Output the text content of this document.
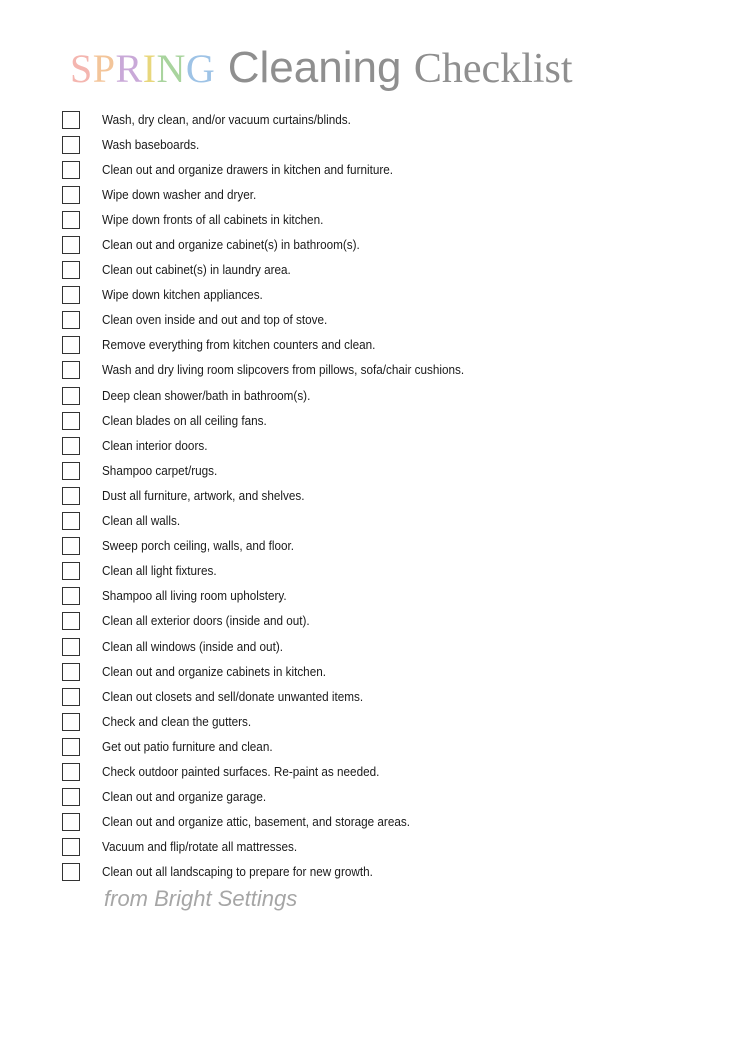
SPRING Cleaning Checklist
Wash, dry clean, and/or vacuum curtains/blinds.
Wash baseboards.
Clean out and organize drawers in kitchen and furniture.
Wipe down washer and dryer.
Wipe down fronts of all cabinets in kitchen.
Clean out and organize cabinet(s) in bathroom(s).
Clean out cabinet(s) in laundry area.
Wipe down kitchen appliances.
Clean oven inside and out and top of stove.
Remove everything from kitchen counters and clean.
Wash and dry living room slipcovers from pillows, sofa/chair cushions.
Deep clean shower/bath in bathroom(s).
Clean blades on all ceiling fans.
Clean interior doors.
Shampoo carpet/rugs.
Dust all furniture, artwork, and shelves.
Clean all walls.
Sweep porch ceiling, walls, and floor.
Clean all light fixtures.
Shampoo all living room upholstery.
Clean all exterior doors (inside and out).
Clean all windows (inside and out).
Clean out and organize cabinets in kitchen.
Clean out closets and sell/donate unwanted items.
Check and clean the gutters.
Get out patio furniture and clean.
Check outdoor painted surfaces. Re-paint as needed.
Clean out and organize garage.
Clean out and organize attic, basement, and storage areas.
Vacuum and flip/rotate all mattresses.
Clean out all landscaping to prepare for new growth.
from Bright Settings
